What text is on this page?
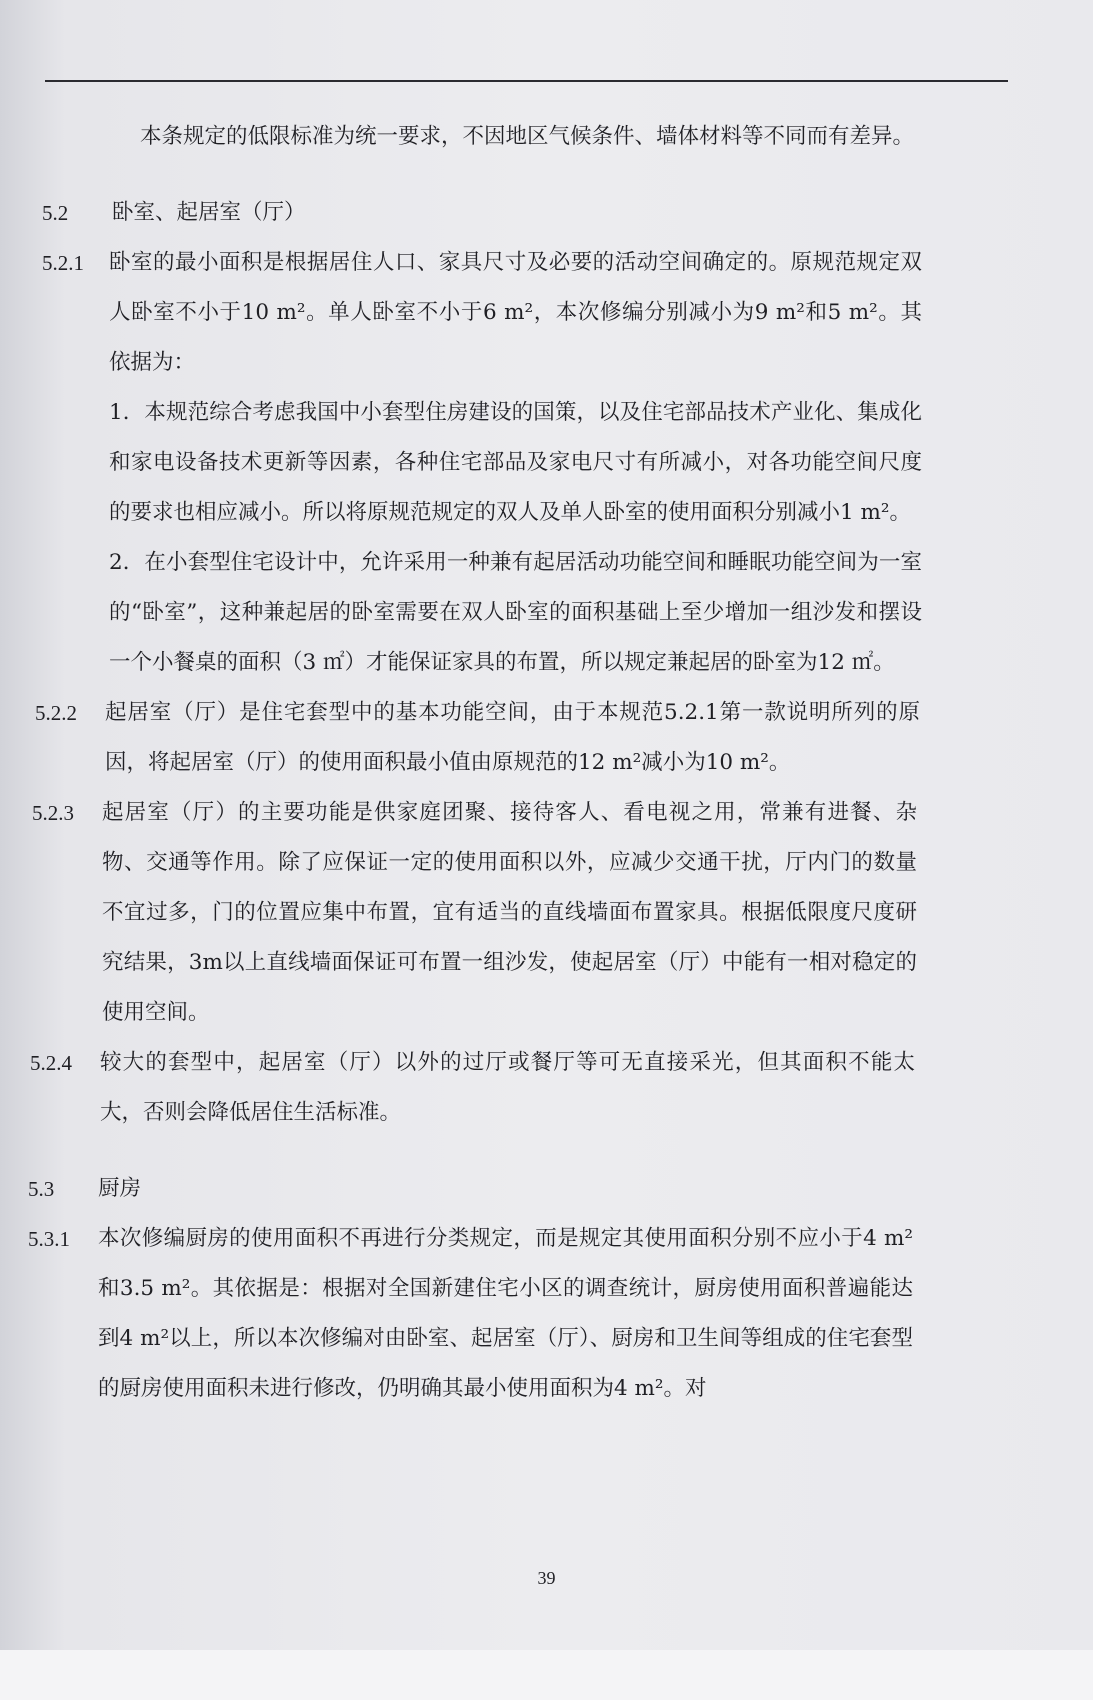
本条规定的低限标准为统一要求，不因地区气候条件、墙体材料等不同而有差异。
5.2	卧室、起居室（厅）
5.2.1	卧室的最小面积是根据居住人口、家具尺寸及必要的活动空间确定的。原规范规定双人卧室不小于10 m²。单人卧室不小于6 m²，本次修编分别减小为9 m²和5 m²。其依据为：
1．本规范综合考虑我国中小套型住房建设的国策，以及住宅部品技术产业化、集成化和家电设备技术更新等因素，各种住宅部品及家电尺寸有所减小，对各功能空间尺度的要求也相应减小。所以将原规范规定的双人及单人卧室的使用面积分别减小1 m²。
2．在小套型住宅设计中，允许采用一种兼有起居活动功能空间和睡眠功能空间为一室的“卧室”，这种兼起居的卧室需要在双人卧室的面积基础上至少增加一组沙发和摆设一个小餐桌的面积（3 ㎡）才能保证家具的布置，所以规定兼起居的卧室为12 ㎡。
5.2.2	起居室（厅）是住宅套型中的基本功能空间，由于本规范5.2.1第一款说明所列的原因，将起居室（厅）的使用面积最小值由原规范的12 m²减小为10 m²。
5.2.3	起居室（厅）的主要功能是供家庭团聚、接待客人、看电视之用，常兼有进餐、杂物、交通等作用。除了应保证一定的使用面积以外，应减少交通干扰，厅内门的数量不宜过多，门的位置应集中布置，宜有适当的直线墙面布置家具。根据低限度尺度研究结果，3m以上直线墙面保证可布置一组沙发，使起居室（厅）中能有一相对稳定的使用空间。
5.2.4	较大的套型中，起居室（厅）以外的过厅或餐厅等可无直接采光，但其面积不能太大，否则会降低居住生活标准。
5.3	厨房
5.3.1	本次修编厨房的使用面积不再进行分类规定，而是规定其使用面积分别不应小于4 m²和3.5 m²。其依据是：根据对全国新建住宅小区的调查统计，厨房使用面积普遍能达到4 m²以上，所以本次修编对由卧室、起居室（厅）、厨房和卫生间等组成的住宅套型的厨房使用面积未进行修改，仍明确其最小使用面积为4 m²。对
39
